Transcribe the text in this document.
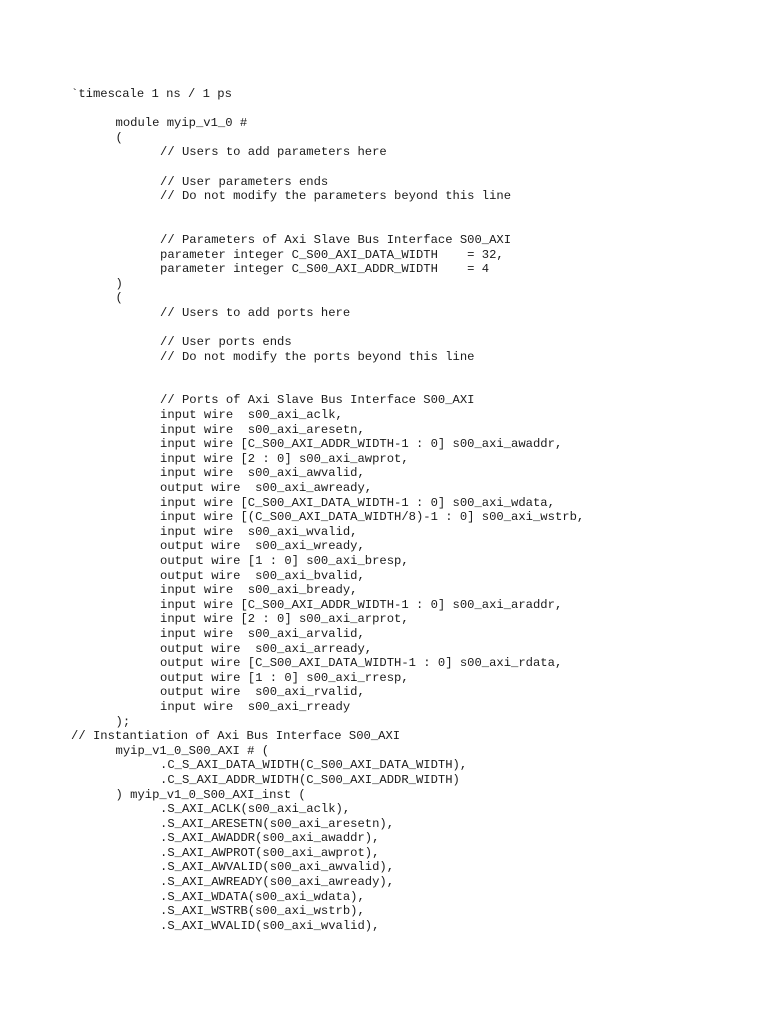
`timescale 1 ns / 1 ps
module myip_v1_0 #
(
// Users to add parameters here
// User parameters ends
// Do not modify the parameters beyond this line
// Parameters of Axi Slave Bus Interface S00_AXI
parameter integer C_S00_AXI_DATA_WIDTH    = 32,
parameter integer C_S00_AXI_ADDR_WIDTH    = 4
)
(
// Users to add ports here
// User ports ends
// Do not modify the ports beyond this line
// Ports of Axi Slave Bus Interface S00_AXI
input wire  s00_axi_aclk,
input wire  s00_axi_aresetn,
input wire [C_S00_AXI_ADDR_WIDTH-1 : 0] s00_axi_awaddr,
input wire [2 : 0] s00_axi_awprot,
input wire  s00_axi_awvalid,
output wire  s00_axi_awready,
input wire [C_S00_AXI_DATA_WIDTH-1 : 0] s00_axi_wdata,
input wire [(C_S00_AXI_DATA_WIDTH/8)-1 : 0] s00_axi_wstrb,
input wire  s00_axi_wvalid,
output wire  s00_axi_wready,
output wire [1 : 0] s00_axi_bresp,
output wire  s00_axi_bvalid,
input wire  s00_axi_bready,
input wire [C_S00_AXI_ADDR_WIDTH-1 : 0] s00_axi_araddr,
input wire [2 : 0] s00_axi_arprot,
input wire  s00_axi_arvalid,
output wire  s00_axi_arready,
output wire [C_S00_AXI_DATA_WIDTH-1 : 0] s00_axi_rdata,
output wire [1 : 0] s00_axi_rresp,
output wire  s00_axi_rvalid,
input wire  s00_axi_rready
);
// Instantiation of Axi Bus Interface S00_AXI
myip_v1_0_S00_AXI # (
.C_S_AXI_DATA_WIDTH(C_S00_AXI_DATA_WIDTH),
.C_S_AXI_ADDR_WIDTH(C_S00_AXI_ADDR_WIDTH)
) myip_v1_0_S00_AXI_inst (
.S_AXI_ACLK(s00_axi_aclk),
.S_AXI_ARESETN(s00_axi_aresetn),
.S_AXI_AWADDR(s00_axi_awaddr),
.S_AXI_AWPROT(s00_axi_awprot),
.S_AXI_AWVALID(s00_axi_awvalid),
.S_AXI_AWREADY(s00_axi_awready),
.S_AXI_WDATA(s00_axi_wdata),
.S_AXI_WSTRB(s00_axi_wstrb),
.S_AXI_WVALID(s00_axi_wvalid),
